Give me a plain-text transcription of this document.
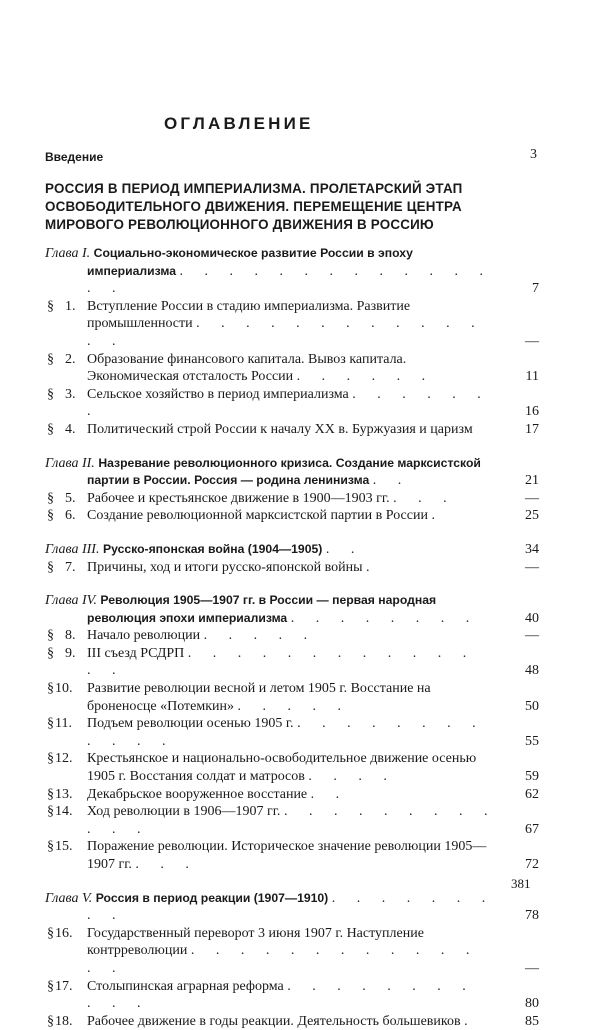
ОГЛАВЛЕНИЕ
Введение	3
РОССИЯ В ПЕРИОД ИМПЕРИАЛИЗМА. ПРОЛЕТАРСКИЙ ЭТАП ОСВОБОДИТЕЛЬНОГО ДВИЖЕНИЯ. ПЕРЕМЕЩЕНИЕ ЦЕНТРА МИРОВОГО РЕВОЛЮЦИОННОГО ДВИЖЕНИЯ В РОССИЮ
Глава I. Социально-экономическое развитие России в эпоху империализма . . . . . . . . . . . . . . .	7
§ 1. Вступление России в стадию империализма. Развитие промышленности . . . . . . . . . . . . . .	—
§ 2. Образование финансового капитала. Вывоз капитала. Экономическая отсталость России . . . . . .	11
§ 3. Сельское хозяйство в период империализма . . . . . . .	16
§ 4. Политический строй России к началу XX в. Буржуазия и царизм	17
Глава II. Назревание революционного кризиса. Создание марксистской партии в России. Россия — родина ленинизма . .	21
§ 5. Рабочее и крестьянское движение в 1900—1903 гг. . . .	—
§ 6. Создание революционной марксистской партии в России .	25
Глава III. Русско-японская война (1904—1905) . .	34
§ 7. Причины, ход и итоги русско-японской войны .	—
Глава IV. Революция 1905—1907 гг. в России — первая народная революция эпохи империализма . . . . . . . .	40
§ 8. Начало революции . . . . .	—
§ 9. III съезд РСДРП . . . . . . . . . . . . . .	48
§ 10. Развитие революции весной и летом 1905 г. Восстание на броненосце «Потемкин» . . . . .	50
§ 11. Подъем революции осенью 1905 г. . . . . . . . . . . . .	55
§ 12. Крестьянское и национально-освободительное движение осенью 1905 г. Восстания солдат и матросов . . . .	59
§ 13. Декабрьское вооруженное восстание . .	62
§ 14. Ход революции в 1906—1907 гг. . . . . . . . . . . . .	67
§ 15. Поражение революции. Историческое значение революции 1905—1907 гг. . . .	72
Глава V. Россия в период реакции (1907—1910) . . . . . . . . .	78
§ 16. Государственный переворот 3 июня 1907 г. Наступление контрреволюции . . . . . . . . . . . . . .	—
§ 17. Столыпинская аграрная реформа . . . . . . . . . . .	80
§ 18. Рабочее движение в годы реакции. Деятельность большевиков .	85
381
